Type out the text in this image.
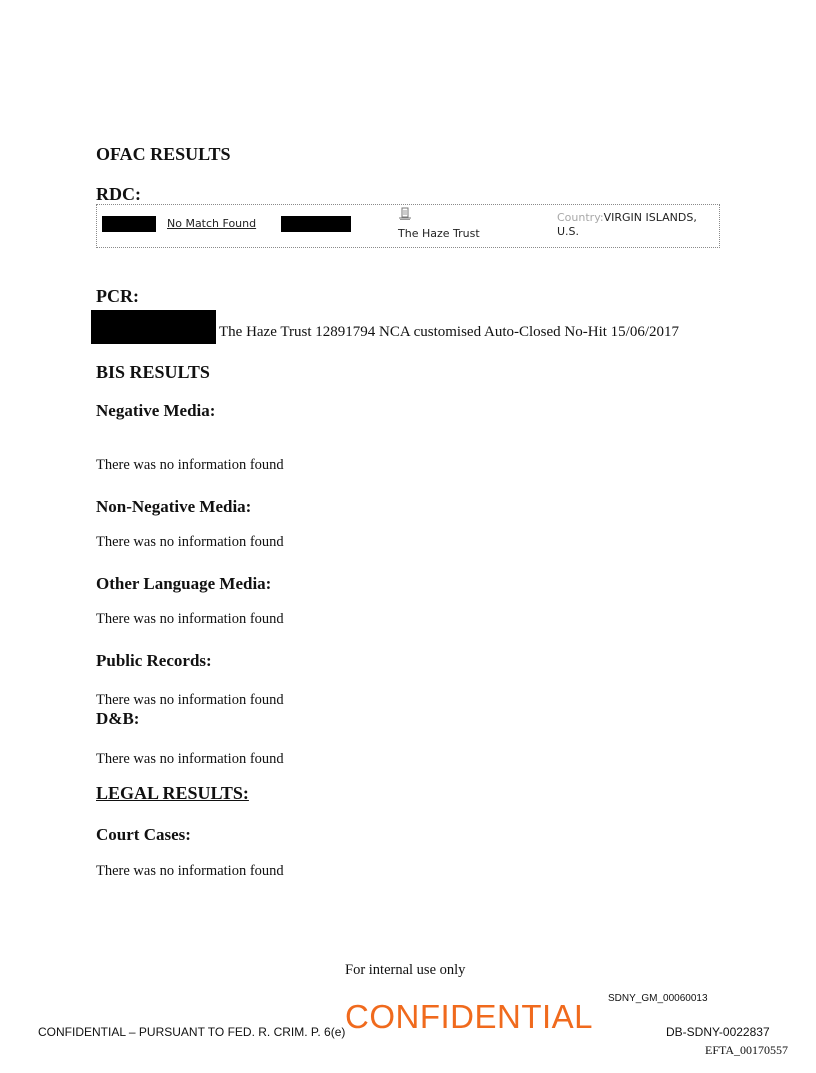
OFAC RESULTS
RDC:
No Match Found
The Haze Trust
Country:VIRGIN ISLANDS, U.S.
PCR:
The Haze Trust 12891794 NCA customised Auto-Closed No-Hit 15/06/2017
BIS RESULTS
Negative Media:
There was no information found
Non-Negative Media:
There was no information found
Other Language Media:
There was no information found
Public Records:
There was no information found
D&B:
There was no information found
LEGAL RESULTS:
Court Cases:
There was no information found
For internal use only
SDNY_GM_00060013
CONFIDENTIAL – PURSUANT TO FED. R. CRIM. P. 6(e) CONFIDENTIAL	DB-SDNY-0022837
EFTA_00170557
